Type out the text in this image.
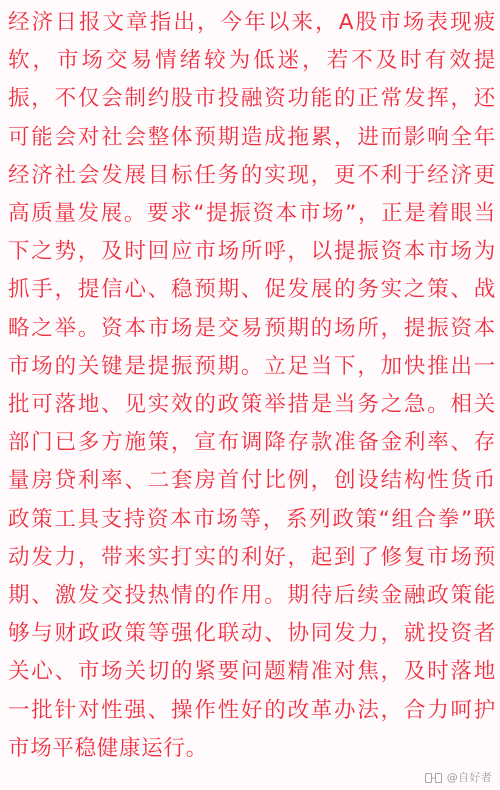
经济日报文章指出，今年以来，A股市场表现疲软，市场交易情绪较为低迷，若不及时有效提振，不仅会制约股市投融资功能的正常发挥，还可能会对社会整体预期造成拖累，进而影响全年经济社会发展目标任务的实现，更不利于经济更高质量发展。要求“提振资本市场”，正是着眼当下之势，及时回应市场所呼，以提振资本市场为抓手，提信心、稳预期、促发展的务实之策、战略之举。资本市场是交易预期的场所，提振资本市场的关键是提振预期。立足当下，加快推出一批可落地、见实效的政策举措是当务之急。相关部门已多方施策，宣布调降存款准备金利率、存量房贷利率、二套房首付比例，创设结构性货币政策工具支持资本市场等，系列政策“组合拳”联动发力，带来实打实的利好，起到了修复市场预期、激发交投热情的作用。期待后续金融政策能够与财政政策等强化联动、协同发力，就投资者关心、市场关切的紧要问题精准对焦，及时落地一批针对性强、操作性好的改革办法，合力呵护市场平稳健康运行。

@自好者
